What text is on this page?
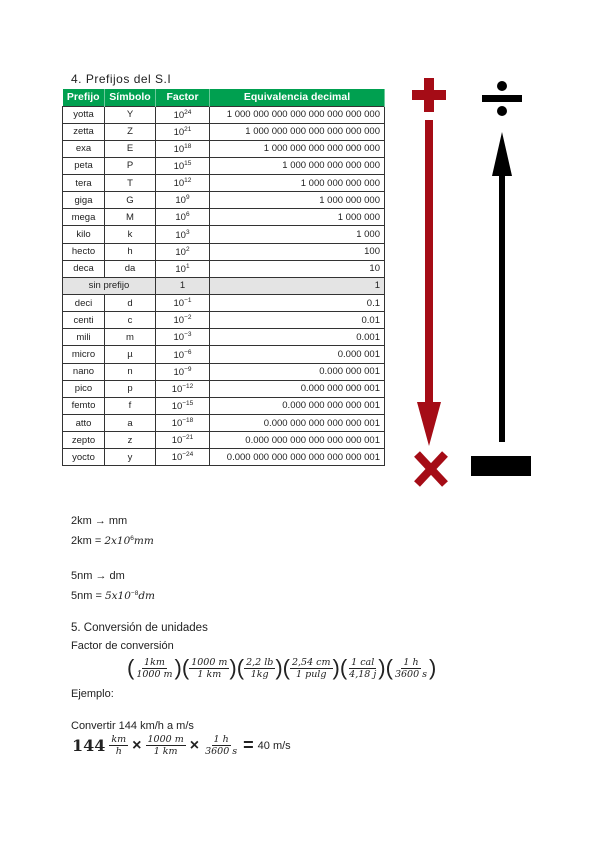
4. Prefijos del S.I
Prefijo	Símbolo	Factor	Equivalencia decimal
yotta	Y	$10^{24}$	1 000 000 000 000 000 000 000 000
zetta	Z	$10^{21}$	1 000 000 000 000 000 000 000
exa	E	$10^{18}$	1 000 000 000 000 000 000
peta	P	$10^{15}$	1 000 000 000 000 000
tera	T	$10^{12}$	1 000 000 000 000
giga	G	$10^9$	1 000 000 000
mega	M	$10^6$	1 000 000
kilo	k	$10^3$	1 000
hecto	h	$10^2$	100
deca	da	$10^1$	10
sin prefijo		1	1
deci	d	$10^{-1}$	0.1
centi	c	$10^{-2}$	0.01
mili	m	$10^{-3}$	0.001
micro	µ	$10^{-6}$	0.000 001
nano	n	$10^{-9}$	0.000 000 001
pico	p	$10^{-12}$	0.000 000 000 001
femto	f	$10^{-15}$	0.000 000 000 000 001
atto	a	$10^{-18}$	0.000 000 000 000 000 001
zepto	z	$10^{-21}$	0.000 000 000 000 000 000 001
yocto	y	$10^{-24}$	0.000 000 000 000 000 000 000 001
2km → mm
$2km = 2x10^6mm$
5nm → dm
$5nm = 5x10^{-8}dm$
5. Conversión de unidades
Factor de conversión
( $\frac{1km}{1000 m}$ )( $\frac{1000 m}{1 km}$ )( $\frac{2,2 lb}{1kg}$ )( $\frac{2,54 cm}{1 pulg}$ )( $\frac{\text{1 cal}}{4,18 j}$ )( $\frac{1 h}{3600 s}$ )
Ejemplo:
Convertir 144 km/h a m/s
$144 \frac{km}{h} \times \frac{1000 m}{1 km} \times \frac{1 h}{3600 s} = 40$ m/s
